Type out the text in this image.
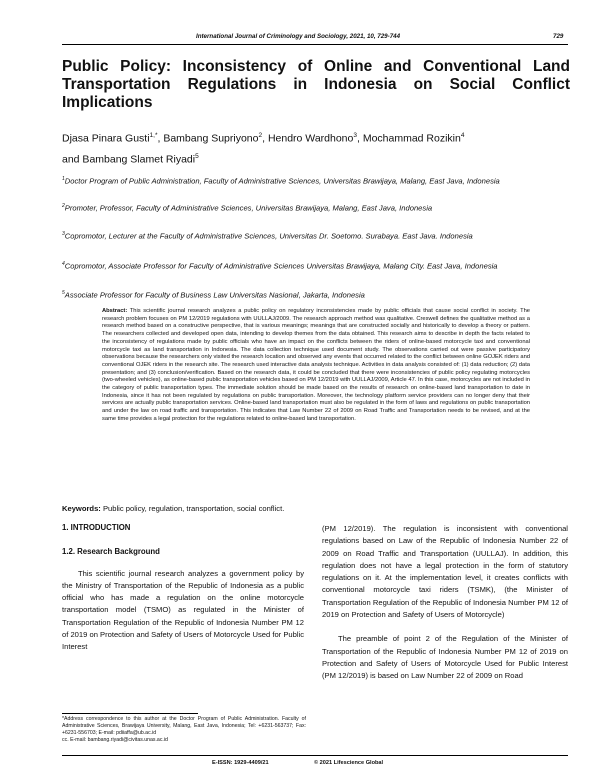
International Journal of Criminology and Sociology, 2021, 10, 729-744	729
Public Policy: Inconsistency of Online and Conventional Land Transportation Regulations in Indonesia on Social Conflict Implications
Djasa Pinara Gusti$^{1,*}$, Bambang Supriyono$^2$, Hendro Wardhono$^3$, Mochammad Rozikin$^4$
and Bambang Slamet Riyadi$^5$
$^1$Doctor Program of Public Administration, Faculty of Administrative Sciences, Universitas Brawijaya, Malang, East Java, Indonesia
$^2$Promoter, Professor, Faculty of Administrative Sciences, Universitas Brawijaya, Malang, East Java, Indonesia
$^3$Copromotor, Lecturer at the Faculty of Administrative Sciences, Universitas Dr. Soetomo. Surabaya. East Java. Indonesia
$^4$Copromotor, Associate Professor for Faculty of Administrative Sciences Universitas Brawijaya, Malang City. East Java, Indonesia
$^5$Associate Professor for Faculty of Business Law Universitas Nasional, Jakarta, Indonesia
Abstract: This scientific journal research analyzes a public policy on regulatory inconsistencies made by public officials that cause social conflict in society. The research problem focuses on PM 12/2019 regulations with UULLAJ/2009. The research approach method was qualitative. Creswell defines the qualitative method as a research method based on a constructive perspective, that is various meanings; meanings that are constructed socially and historically to develop a theory or pattern. The researchers collected and developed open data, intending to develop themes from the data obtained. This research aims to describe in depth the facts related to the inconsistency of regulations made by public officials who have an impact on the conflicts between the riders of online-based motorcycle taxi and conventional motorcycle taxi as land transportation in Indonesia. The data collection technique used document study. The observations carried out were passive participatory observations because the researchers only visited the research location and observed any events that occurred related to the conflict between online GOJEK riders and conventional OJEK riders in the research site. The research used interactive data analysis technique. Activities in data analysis consisted of: (1) data reduction; (2) data presentation; and (3) conclusion/verification. Based on the research data, it could be concluded that there were inconsistencies of public policy regulating motorcycles (two-wheeled vehicles), as online-based public transportation vehicles based on PM 12/2019 with UULLAJ/2009, Article 47. In this case, motorcycles are not included in the category of public transportation types. The immediate solution should be made based on the results of research on online-based land transportation to date in Indonesia, since it has not been regulated by regulations on public transportation. Moreover, the technology platform service providers can no longer deny that their services are actually public transportation services. Online-based land transportation must also be regulated in the form of laws and regulations on public transportation and under the law on road traffic and transportation. This indicates that Law Number 22 of 2009 on Road Traffic and Transportation needs to be revised, and at the same time provides a legal protection for the regulations related to online-based land transportation.
Keywords: Public policy, regulation, transportation, social conflict.
1. INTRODUCTION
1.2. Research Background

This scientific journal research analyzes a government policy by the Ministry of Transportation of the Republic of Indonesia as a public official who has made a regulation on the online motorcycle transportation model (TSMO) as regulated in the Minister of Transportation Regulation of the Republic of Indonesia Number PM 12 of 2019 on Protection and Safety of Users of Motorcycle Used for Public Interest

(PM 12/2019). The regulation is inconsistent with conventional regulations based on Law of the Republic of Indonesia Number 22 of 2009 on Road Traffic and Transportation (UULLAJ). In addition, this regulation does not have a legal protection in the form of statutory regulations on it. At the implementation level, it creates conflicts with conventional motorcycle taxi riders (TSMK), (the Minister of Transportation Regulation of the Republic of Indonesia Number PM 12 of 2019 on Protection and Safety of Users of Motorcycle)

The preamble of point 2 of the Regulation of the Minister of Transportation of the Republic of Indonesia Number PM 12 of 2019 on Protection and Safety of Users of Motorcycle Used for Public Interest (PM 12/2019) is based on Law Number 22 of 2009 on Road

*Address correspondence to this author at the Doctor Program of Public Administration. Faculty of Administrative Sciences, Brawijaya University, Malang, East Java, Indonesia; Tel: +6231-563737; Fax: +6231-556703; E-mail: pdiiaffa@ub.ac.id
cc. E-mail: bambang.riyadi@civitas.unas.ac.id
E-ISSN: 1929-4409/21	© 2021 Lifescience Global
